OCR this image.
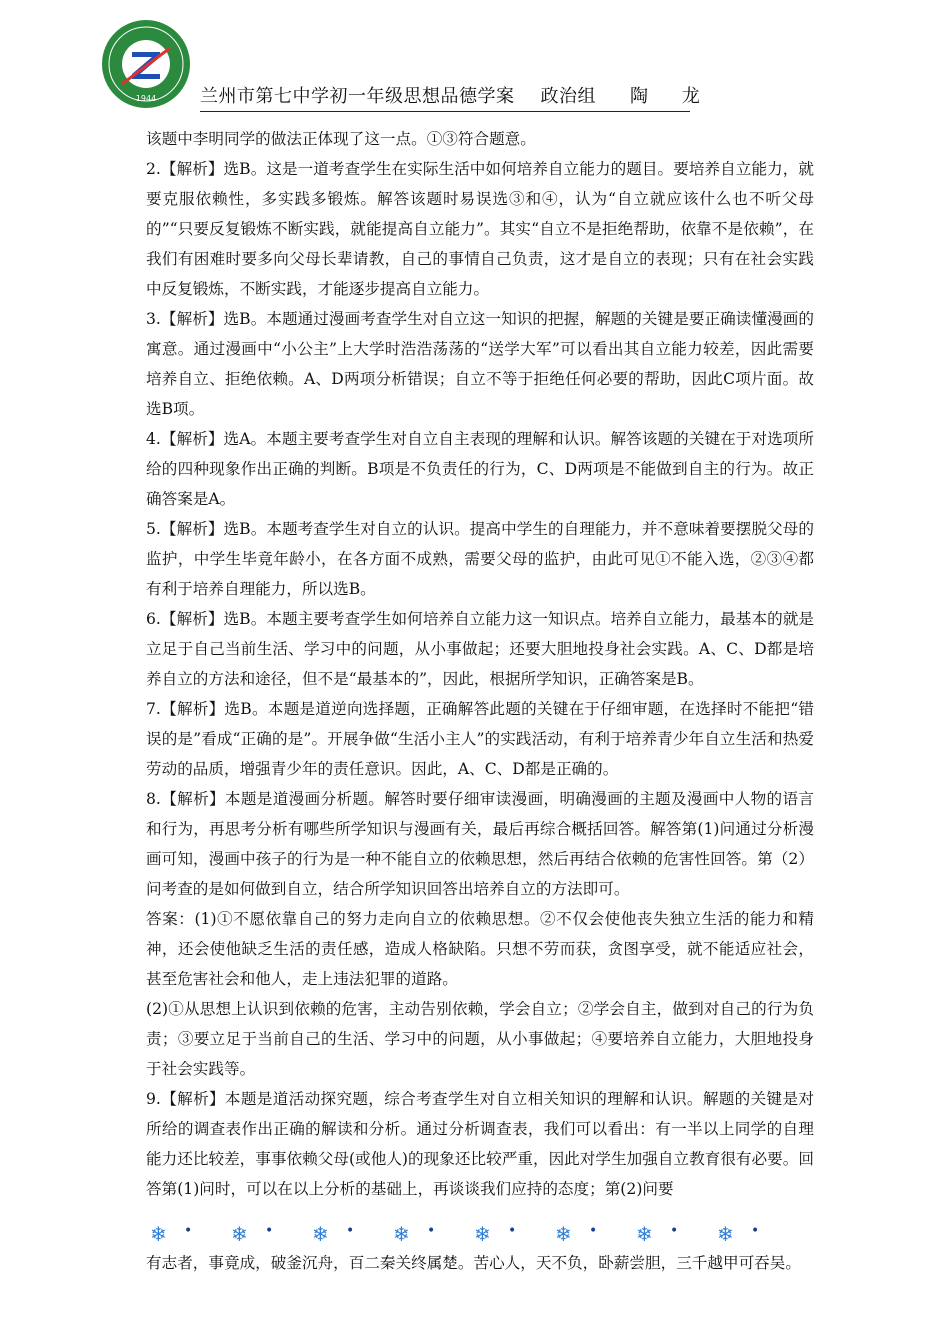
1944 兰州市第七中学初一年级思想品德学案 政治组 陶 龙

该题中李明同学的做法正体现了这一点。①③符合题意。

2.【解析】选B。这是一道考查学生在实际生活中如何培养自立能力的题目。要培养自立能力，就要克服依赖性，多实践多锻炼。解答该题时易误选③和④，认为“自立就应该什么也不听父母的”“只要反复锻炼不断实践，就能提高自立能力”。其实“自立不是拒绝帮助，依靠不是依赖”，在我们有困难时要多向父母长辈请教，自己的事情自己负责，这才是自立的表现；只有在社会实践中反复锻炼，不断实践，才能逐步提高自立能力。

3.【解析】选B。本题通过漫画考查学生对自立这一知识的把握，解题的关键是要正确读懂漫画的寓意。通过漫画中“小公主”上大学时浩浩荡荡的“送学大军”可以看出其自立能力较差，因此需要培养自立、拒绝依赖。A、D两项分析错误；自立不等于拒绝任何必要的帮助，因此C项片面。故选B项。

4.【解析】选A。本题主要考查学生对自立自主表现的理解和认识。解答该题的关键在于对选项所给的四种现象作出正确的判断。B项是不负责任的行为，C、D两项是不能做到自主的行为。故正确答案是A。

5.【解析】选B。本题考查学生对自立的认识。提高中学生的自理能力，并不意味着要摆脱父母的监护，中学生毕竟年龄小，在各方面不成熟，需要父母的监护，由此可见①不能入选，②③④都有利于培养自理能力，所以选B。

6.【解析】选B。本题主要考查学生如何培养自立能力这一知识点。培养自立能力，最基本的就是立足于自己当前生活、学习中的问题，从小事做起；还要大胆地投身社会实践。A、C、D都是培养自立的方法和途径，但不是“最基本的”，因此，根据所学知识，正确答案是B。

7.【解析】选B。本题是道逆向选择题，正确解答此题的关键在于仔细审题，在选择时不能把“错误的是”看成“正确的是”。开展争做“生活小主人”的实践活动，有利于培养青少年自立生活和热爱劳动的品质，增强青少年的责任意识。因此，A、C、D都是正确的。

8.【解析】本题是道漫画分析题。解答时要仔细审读漫画，明确漫画的主题及漫画中人物的语言和行为，再思考分析有哪些所学知识与漫画有关，最后再综合概括回答。解答第(1)问通过分析漫画可知，漫画中孩子的行为是一种不能自立的依赖思想，然后再结合依赖的危害性回答。第（2）问考查的是如何做到自立，结合所学知识回答出培养自立的方法即可。

答案：(1)①不愿依靠自己的努力走向自立的依赖思想。②不仅会使他丧失独立生活的能力和精神，还会使他缺乏生活的责任感，造成人格缺陷。只想不劳而获，贪图享受，就不能适应社会，甚至危害社会和他人，走上违法犯罪的道路。

(2)①从思想上认识到依赖的危害，主动告别依赖，学会自立；②学会自主，做到对自己的行为负责；③要立足于当前自己的生活、学习中的问题，从小事做起；④要培养自立能力，大胆地投身于社会实践等。

9.【解析】本题是道活动探究题，综合考查学生对自立相关知识的理解和认识。解题的关键是对所给的调查表作出正确的解读和分析。通过分析调查表，我们可以看出：有一半以上同学的自理能力还比较差，事事依赖父母(或他人)的现象还比较严重，因此对学生加强自立教育很有必要。回答第(1)问时，可以在以上分析的基础上，再谈谈我们应持的态度；第(2)问要

❄ • ❄ • ❄ • ❄ • ❄ • ❄ • ❄ • ❄ •
有志者，事竟成，破釜沉舟，百二秦关终属楚。苦心人，天不负，卧薪尝胆，三千越甲可吞吴。
